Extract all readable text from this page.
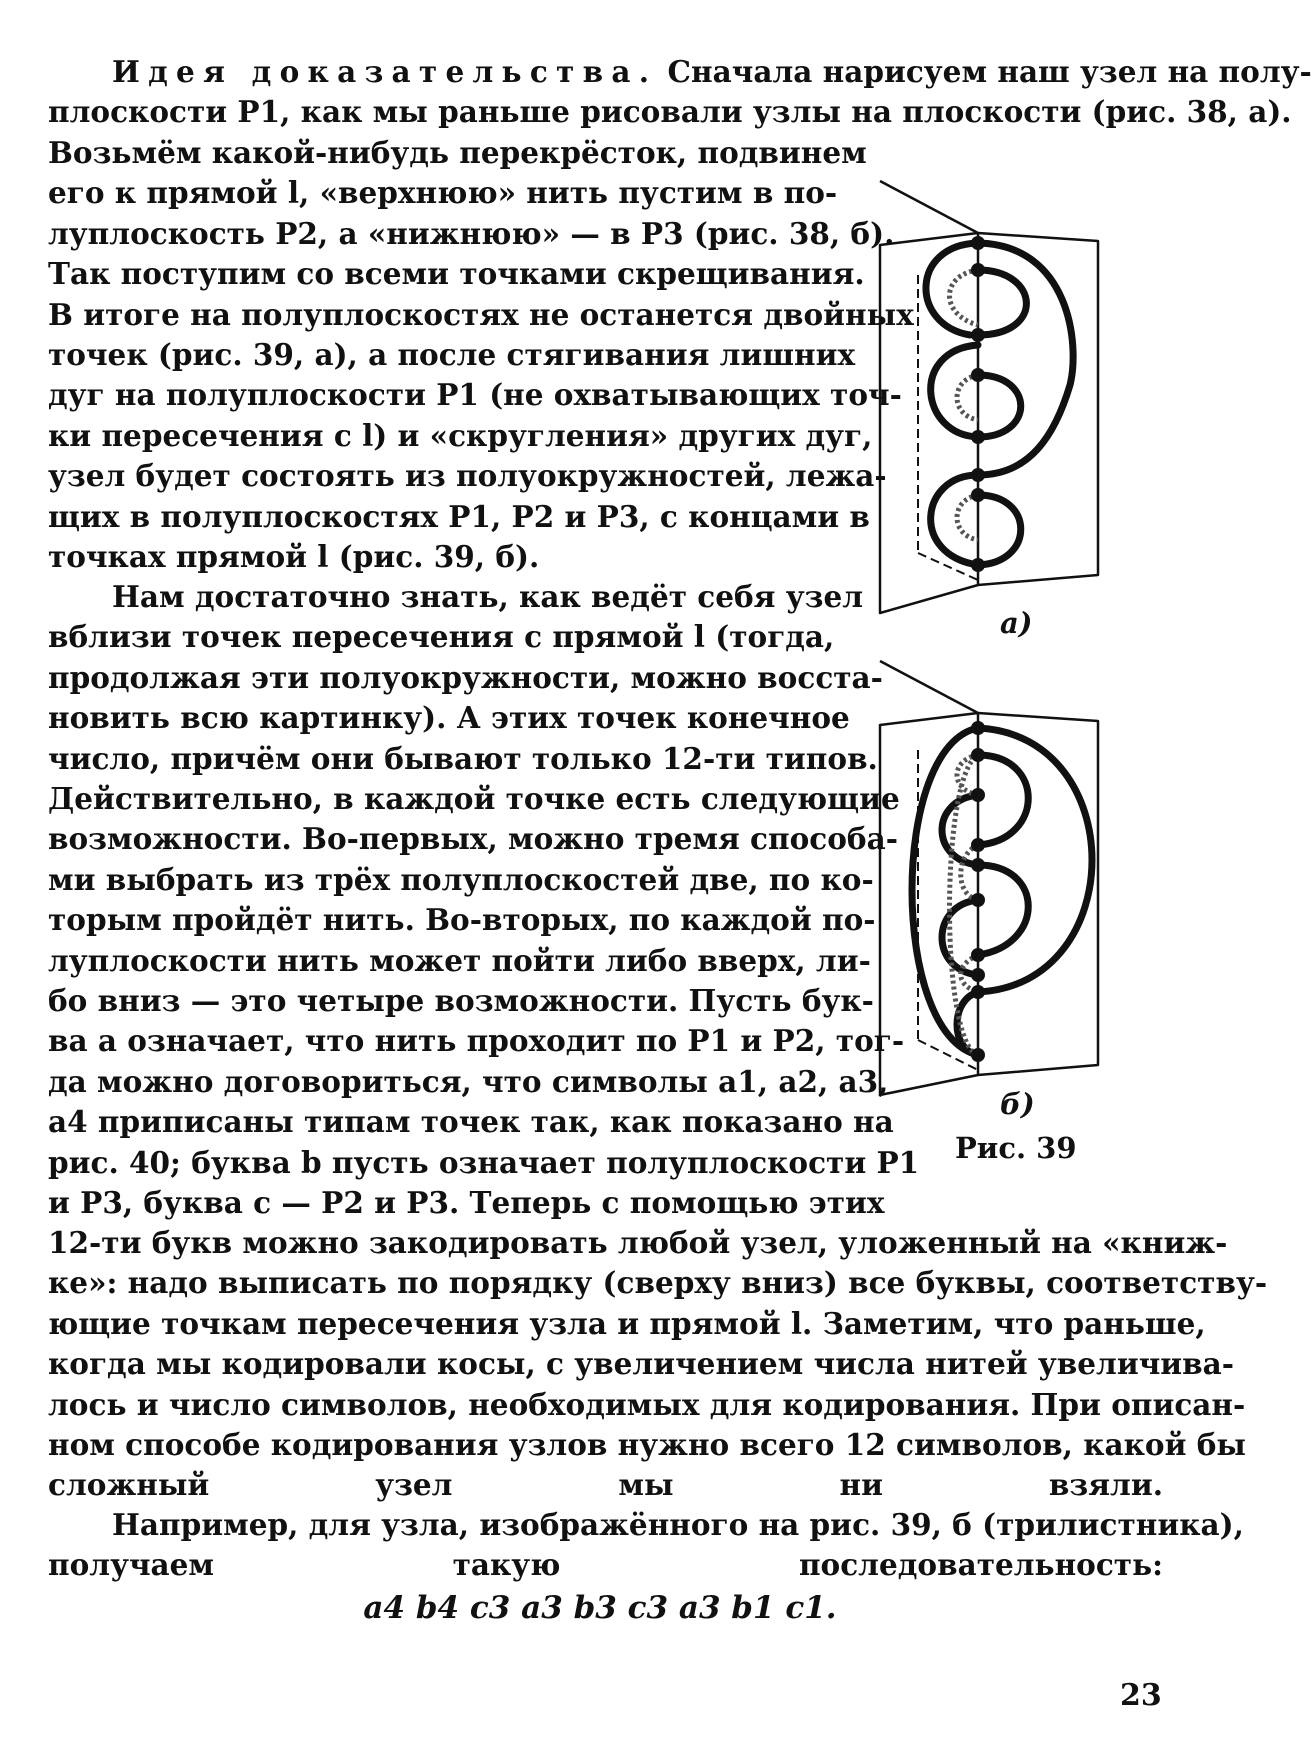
Идея доказательства. Сначала нарисуем наш узел на полу-
плоскости P1, как мы раньше рисовали узлы на плоскости (рис. 38, а).
Возьмём какой-нибудь перекрёсток, подвинем
его к прямой l, «верхнюю» нить пустим в по-
луплоскость P2, а «нижнюю» — в P3 (рис. 38, б).
Так поступим со всеми точками скрещивания.
В итоге на полуплоскостях не останется двойных
точек (рис. 39, а), а после стягивания лишних
дуг на полуплоскости P1 (не охватывающих точ-
ки пересечения с l) и «скругления» других дуг,
узел будет состоять из полуокружностей, лежа-
щих в полуплоскостях P1, P2 и P3, с концами в
точках прямой l (рис. 39, б).
Нам достаточно знать, как ведёт себя узел
вблизи точек пересечения с прямой l (тогда,
продолжая эти полуокружности, можно восста-
новить всю картинку). А этих точек конечное
число, причём они бывают только 12-ти типов.
Действительно, в каждой точке есть следующие
возможности. Во-первых, можно тремя способа-
ми выбрать из трёх полуплоскостей две, по ко-
торым пройдёт нить. Во-вторых, по каждой по-
луплоскости нить может пойти либо вверх, ли-
бо вниз — это четыре возможности. Пусть бук-
ва a означает, что нить проходит по P1 и P2, тог-
да можно договориться, что символы a1, a2, a3,
a4 приписаны типам точек так, как показано на
рис. 40; буква b пусть означает полуплоскости P1
и P3, буква c — P2 и P3. Теперь с помощью этих
12-ти букв можно закодировать любой узел, уложенный на «книж-
ке»: надо выписать по порядку (сверху вниз) все буквы, соответству-
ющие точкам пересечения узла и прямой l. Заметим, что раньше,
когда мы кодировали косы, с увеличением числа нитей увеличива-
лось и число символов, необходимых для кодирования. При описан-
ном способе кодирования узлов нужно всего 12 символов, какой бы
сложный узел мы ни взяли.
Например, для узла, изображённого на рис. 39, б (трилистника),
получаем такую последовательность:
a4 b4 c3 a3 b3 c3 a3 b1 c1.
а)
б)
Рис. 39
23
